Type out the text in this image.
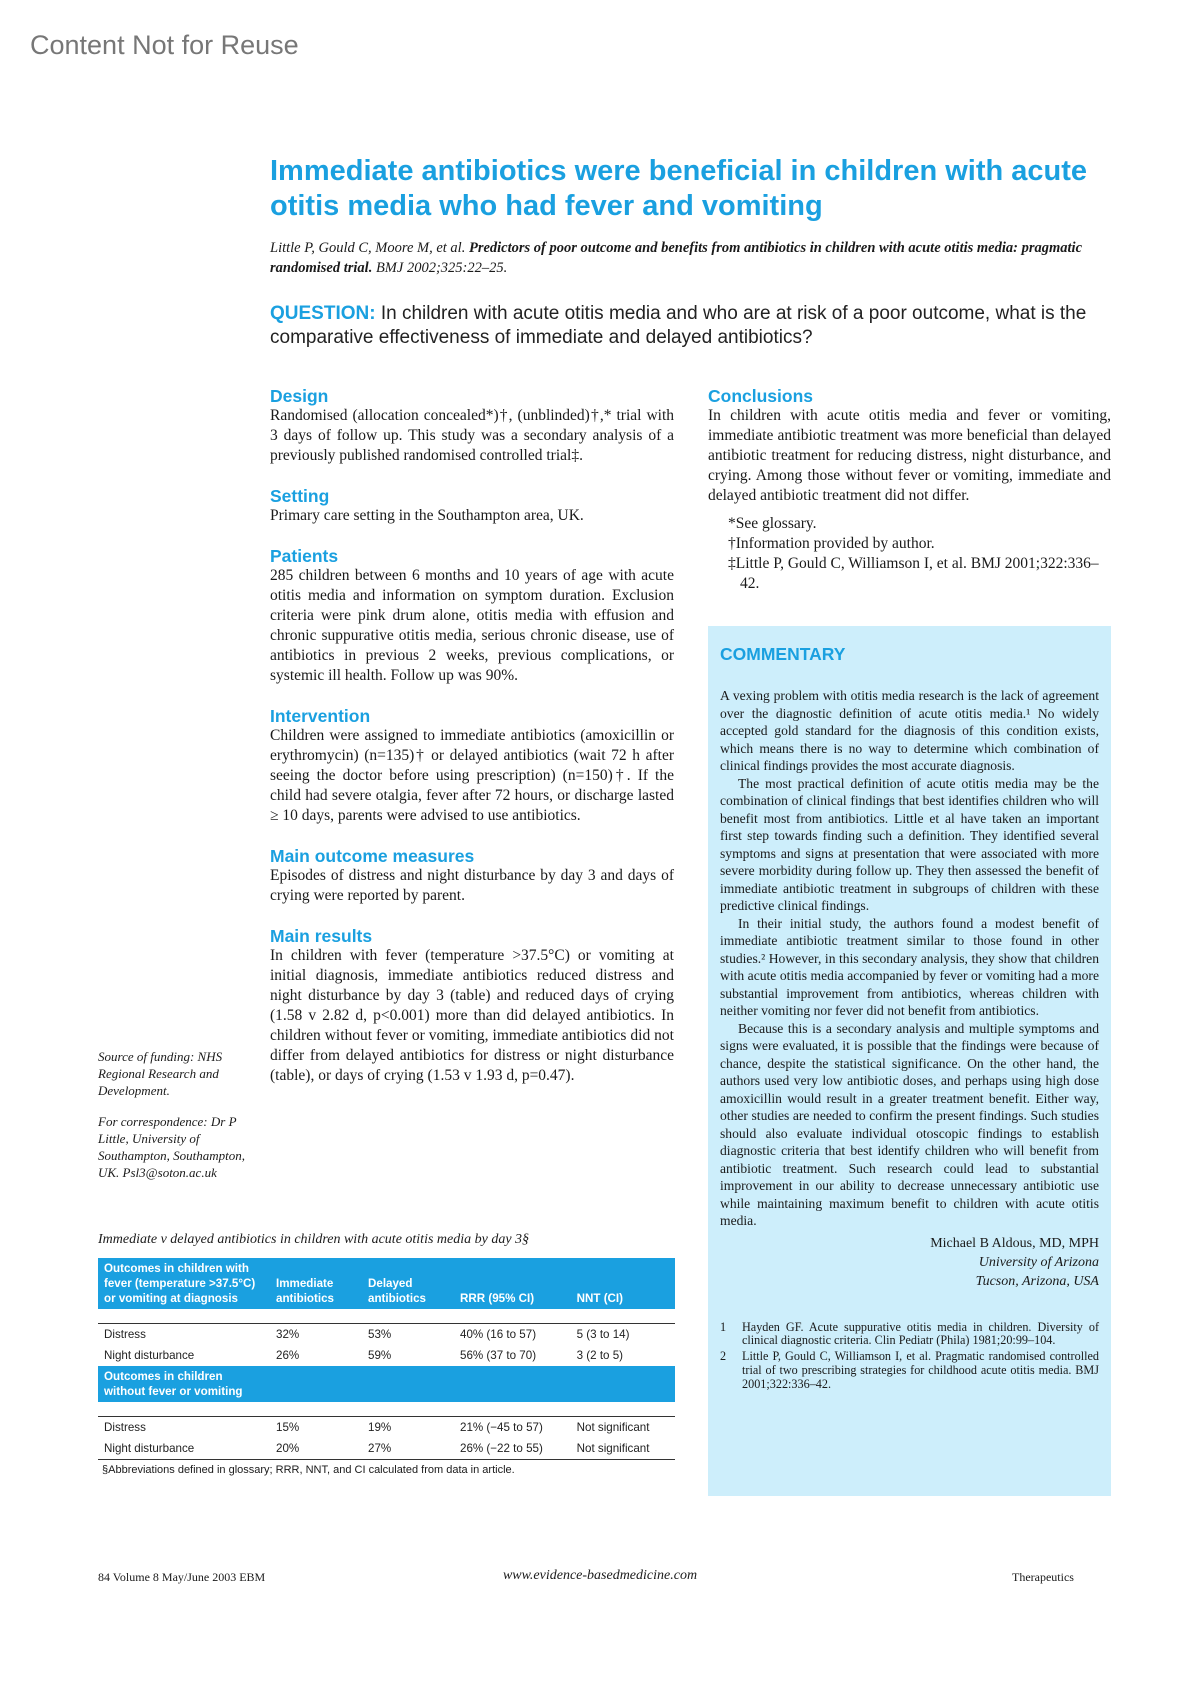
Content Not for Reuse
Immediate antibiotics were beneficial in children with acute otitis media who had fever and vomiting

Little P, Gould C, Moore M, et al. Predictors of poor outcome and benefits from antibiotics in children with acute otitis media: pragmatic randomised trial. BMJ 2002;325:22–25.

QUESTION: In children with acute otitis media and who are at risk of a poor outcome, what is the comparative effectiveness of immediate and delayed antibiotics?

Design

Randomised (allocation concealed*)†, (unblinded)†,* trial with 3 days of follow up. This study was a secondary analysis of a previously published randomised controlled trial‡.

Setting

Primary care setting in the Southampton area, UK.

Patients

285 children between 6 months and 10 years of age with acute otitis media and information on symptom duration. Exclusion criteria were pink drum alone, otitis media with effusion and chronic suppurative otitis media, serious chronic disease, use of antibiotics in previous 2 weeks, previous complications, or systemic ill health. Follow up was 90%.

Intervention

Children were assigned to immediate antibiotics (amoxicillin or erythromycin) (n=135)† or delayed antibiotics (wait 72 h after seeing the doctor before using prescription) (n=150)†. If the child had severe otalgia, fever after 72 hours, or discharge lasted ≥ 10 days, parents were advised to use antibiotics.

Main outcome measures

Episodes of distress and night disturbance by day 3 and days of crying were reported by parent.

Main results

In children with fever (temperature >37.5°C) or vomiting at initial diagnosis, immediate antibiotics reduced distress and night disturbance by day 3 (table) and reduced days of crying (1.58 v 2.82 d, p<0.001) more than did delayed antibiotics. In children without fever or vomiting, immediate antibiotics did not differ from delayed antibiotics for distress or night disturbance (table), or days of crying (1.53 v 1.93 d, p=0.47).

Conclusions

In children with acute otitis media and fever or vomiting, immediate antibiotic treatment was more beneficial than delayed antibiotic treatment for reducing distress, night disturbance, and crying. Among those without fever or vomiting, immediate and delayed antibiotic treatment did not differ.

*See glossary.
†Information provided by author.
‡Little P, Gould C, Williamson I, et al. BMJ 2001;322:336–42.

Source of funding: NHS Regional Research and Development.

For correspondence: Dr P Little, University of Southampton, Southampton, UK. Psl3@soton.ac.uk

COMMENTARY

A vexing problem with otitis media research is the lack of agreement over the diagnostic definition of acute otitis media.¹ No widely accepted gold standard for the diagnosis of this condition exists, which means there is no way to determine which combination of clinical findings provides the most accurate diagnosis.

The most practical definition of acute otitis media may be the combination of clinical findings that best identifies children who will benefit most from antibiotics. Little et al have taken an important first step towards finding such a definition. They identified several symptoms and signs at presentation that were associated with more severe morbidity during follow up. They then assessed the benefit of immediate antibiotic treatment in subgroups of children with these predictive clinical findings.

In their initial study, the authors found a modest benefit of immediate antibiotic treatment similar to those found in other studies.² However, in this secondary analysis, they show that children with acute otitis media accompanied by fever or vomiting had a more substantial improvement from antibiotics, whereas children with neither vomiting nor fever did not benefit from antibiotics.

Because this is a secondary analysis and multiple symptoms and signs were evaluated, it is possible that the findings were because of chance, despite the statistical significance. On the other hand, the authors used very low antibiotic doses, and perhaps using high dose amoxicillin would result in a greater treatment benefit. Either way, other studies are needed to confirm the present findings. Such studies should also evaluate individual otoscopic findings to establish diagnostic criteria that best identify children who will benefit from antibiotic treatment. Such research could lead to substantial improvement in our ability to decrease unnecessary antibiotic use while maintaining maximum benefit to children with acute otitis media.

Michael B Aldous, MD, MPH
University of Arizona
Tucson, Arizona, USA
1	Hayden GF. Acute suppurative otitis media in children. Diversity of clinical diagnostic criteria. Clin Pediatr (Phila) 1981;20:99–104.
2	Little P, Gould C, Williamson I, et al. Pragmatic randomised controlled trial of two prescribing strategies for childhood acute otitis media. BMJ 2001;322:336–42.

Immediate v delayed antibiotics in children with acute otitis media by day 3§

Outcomes in children with fever (temperature >37.5°C) or vomiting at diagnosis	Immediate antibiotics	Delayed antibiotics	RRR (95% CI)	NNT (CI)

Distress	32%	53%	40% (16 to 57)	5 (3 to 14)
Night disturbance	26%	59%	56% (37 to 70)	3 (2 to 5)
Outcomes in children without fever or vomiting				

Distress	15%	19%	21% (−45 to 57)	Not significant
Night disturbance	20%	27%	26% (−22 to 55)	Not significant

§Abbreviations defined in glossary; RRR, NNT, and CI calculated from data in article.

84 Volume 8 May/June 2003 EBM	www.evidence-basedmedicine.com	Therapeutics
